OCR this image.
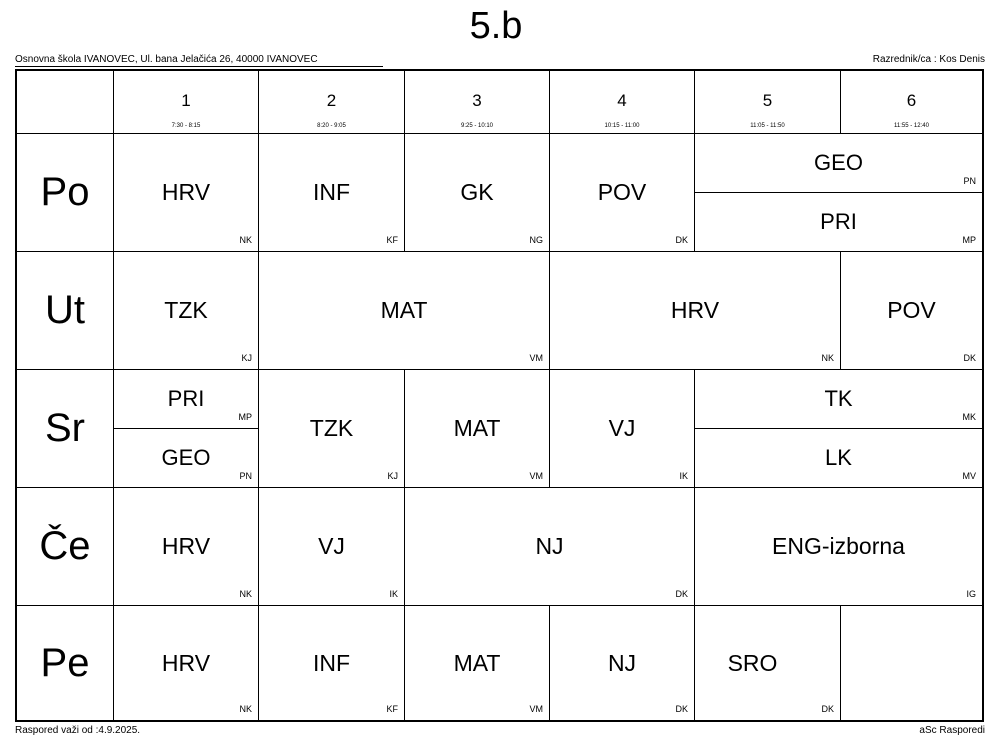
5.b
Osnovna škola IVANOVEC, Ul. bana Jelačića 26, 40000 IVANOVEC	Razrednik/ca : Kos Denis
1
7:30 - 8:15
2
8:20 - 9:05
3
9:25 - 10:10
4
10:15 - 11:00
5
11:05 - 11:50
6
11:55 - 12:40
Po
Ut
Sr
Če
Pe
HRV
NK
INF
KF
GK
NG
POV
DK
GEO
PN
PRI
MP
TZK
KJ
MAT
VM
HRV
NK
POV
DK
PRI
MP
GEO
PN
TZK
KJ
MAT
VM
VJ
IK
TK
MK
LK
MV
HRV
NK
VJ
IK
NJ
DK
ENG-izborna
IG
HRV
NK
INF
KF
MAT
VM
NJ
DK
SRO
DK
Raspored važi od :4.9.2025.	aSc Rasporedi
